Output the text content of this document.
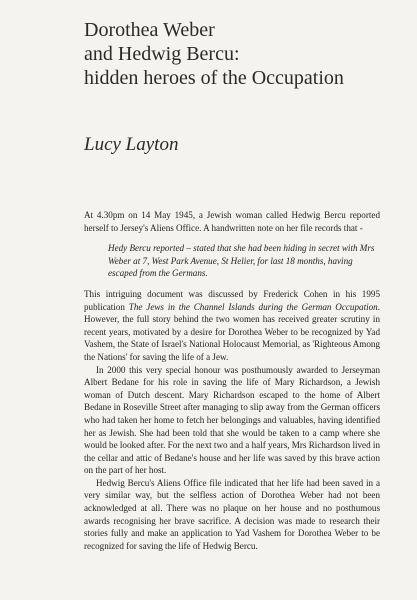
Dorothea Weber
and Hedwig Bercu:
hidden heroes of the Occupation
Lucy Layton

At 4.30pm on 14 May 1945, a Jewish woman called Hedwig Bercu reported herself to Jersey's Aliens Office. A handwritten note on her file records that -

Hedy Bercu reported – stated that she had been hiding in secret with Mrs Weber at 7, West Park Avenue, St Helier, for last 18 months, having escaped from the Germans.

This intriguing document was discussed by Frederick Cohen in his 1995 publication The Jews in the Channel Islands during the German Occupation. However, the full story behind the two women has received greater scrutiny in recent years, motivated by a desire for Dorothea Weber to be recognized by Yad Vashem, the State of Israel's National Holocaust Memorial, as 'Righteous Among the Nations' for saving the life of a Jew.

In 2000 this very special honour was posthumously awarded to Jerseyman Albert Bedane for his role in saving the life of Mary Richardson, a Jewish woman of Dutch descent. Mary Richardson escaped to the home of Albert Bedane in Roseville Street after managing to slip away from the German officers who had taken her home to fetch her belongings and valuables, having identified her as Jewish. She had been told that she would be taken to a camp where she would be looked after. For the next two and a half years, Mrs Richardson lived in the cellar and attic of Bedane's house and her life was saved by this brave action on the part of her host.

Hedwig Bercu's Aliens Office file indicated that her life had been saved in a very similar way, but the selfless action of Dorothea Weber had not been acknowledged at all. There was no plaque on her house and no posthumous awards recognising her brave sacrifice. A decision was made to research their stories fully and make an application to Yad Vashem for Dorothea Weber to be recognized for saving the life of Hedwig Bercu.
